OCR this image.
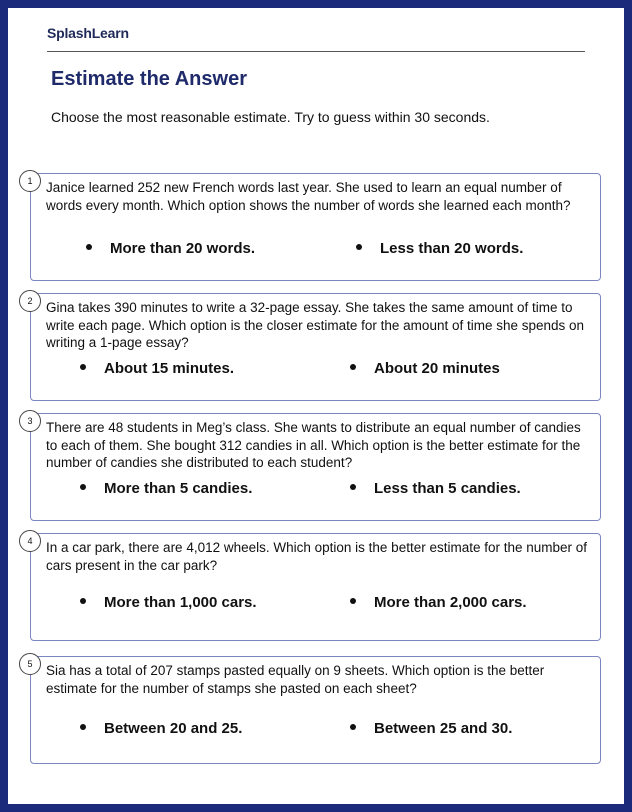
SplashLearn
Estimate the Answer
Choose the most reasonable estimate. Try to guess within 30 seconds.
1	Janice learned 252 new French words last year. She used to learn an equal number of words every month. Which option shows the number of words she learned each month?

More than 20 words.	Less than 20 words.
2	Gina takes 390 minutes to write a 32-page essay. She takes the same amount of time to write each page. Which option is the closer estimate for the amount of time she spends on writing a 1-page essay?

About 15 minutes.	About 20 minutes
3	There are 48 students in Meg’s class. She wants to distribute an equal number of candies to each of them. She bought 312 candies in all. Which option is the better estimate for the number of candies she distributed to each student?

More than 5 candies.	Less than 5 candies.
4	In a car park, there are 4,012 wheels. Which option is the better estimate for the number of cars present in the car park?

More than 1,000 cars.	More than 2,000 cars.
5	Sia has a total of 207 stamps pasted equally on 9 sheets. Which option is the better estimate for the number of stamps she pasted on each sheet?

Between 20 and 25.	Between 25 and 30.
